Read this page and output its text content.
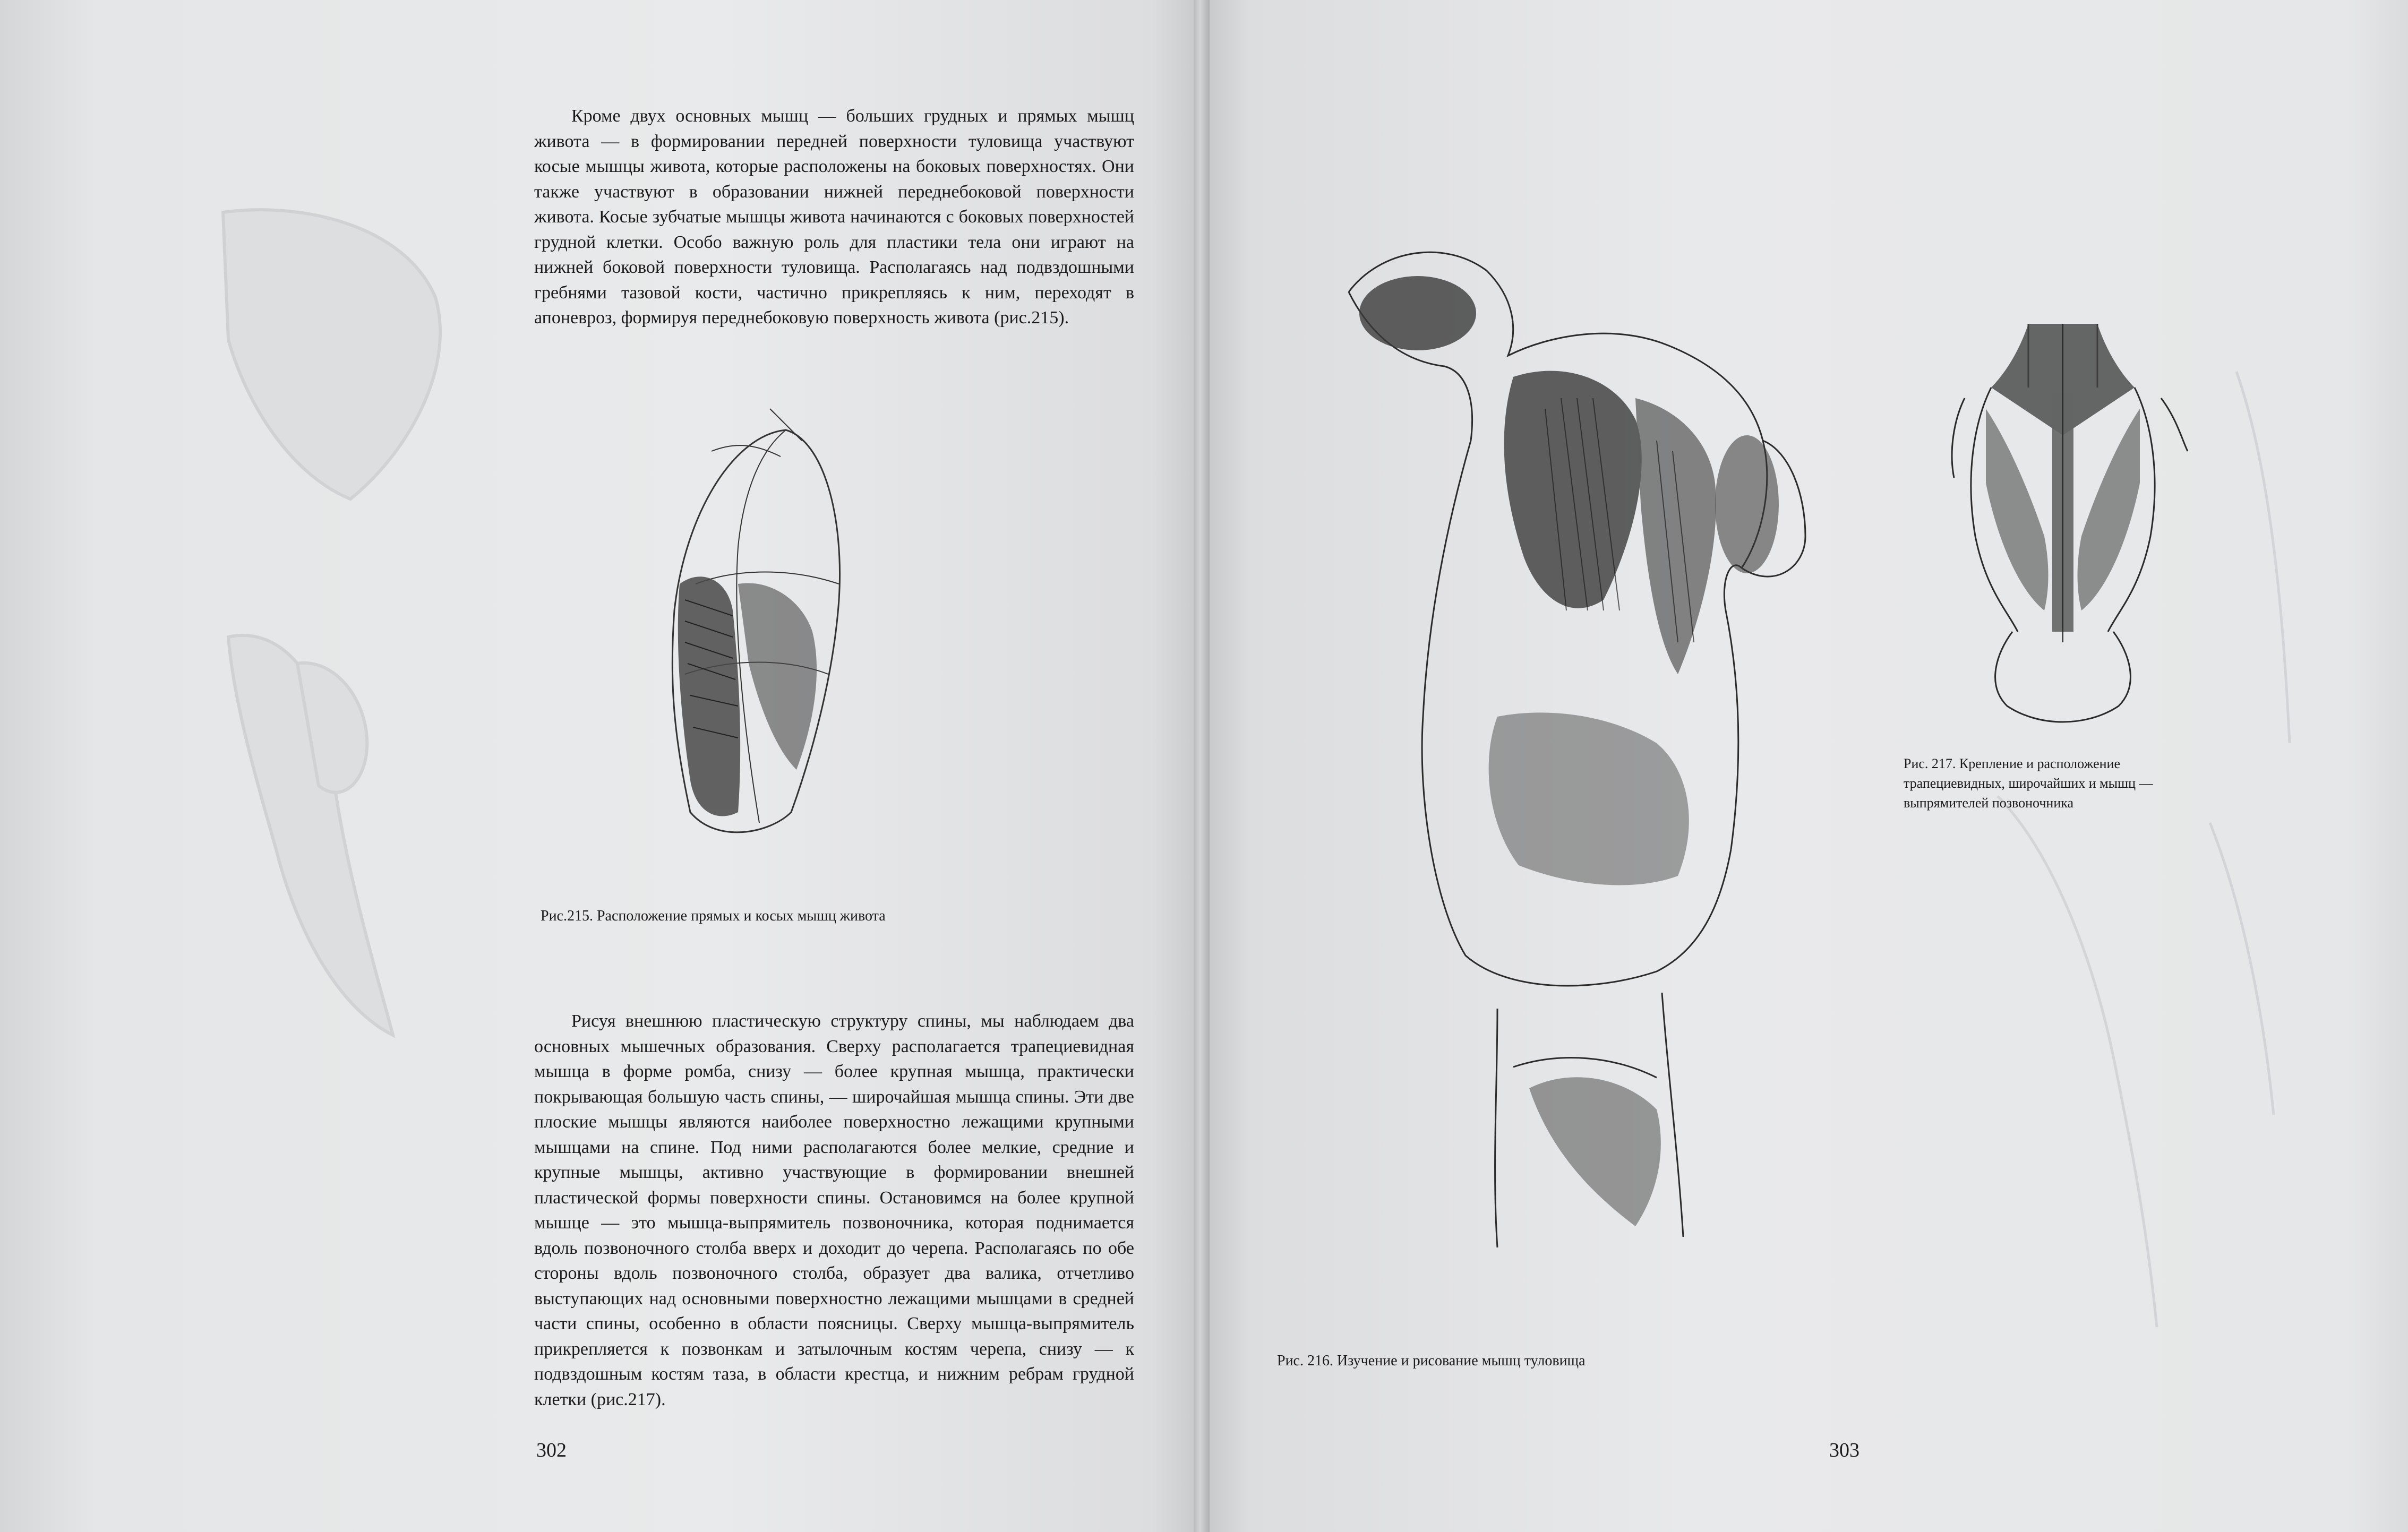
Кроме двух основных мышц — больших грудных и прямых мышц живота — в формировании передней поверхности туловища участвуют косые мышцы живота, которые расположены на боковых поверхностях. Они также участвуют в образовании нижней переднебоковой поверхности живота. Косые зубчатые мышцы живота начинаются с боковых поверхностей грудной клетки. Особо важную роль для пластики тела они играют на нижней боковой поверхности туловища. Располагаясь над подвздошными гребнями тазовой кости, частично прикрепляясь к ним, переходят в апоневроз, формируя переднебоковую поверхность живота (рис.215).

Рис.215. Расположение прямых и косых мышц живота

Рисуя внешнюю пластическую структуру спины, мы наблюдаем два основных мышечных образования. Сверху располагается трапециевидная мышца в форме ромба, снизу — более крупная мышца, практически покрывающая большую часть спины, — широчайшая мышца спины. Эти две плоские мышцы являются наиболее поверхностно лежащими крупными мышцами на спине. Под ними располагаются более мелкие, средние и крупные мышцы, активно участвующие в формировании внешней пластической формы поверхности спины. Остановимся на более крупной мышце — это мышца-выпрямитель позвоночника, которая поднимается вдоль позвоночного столба вверх и доходит до черепа. Располагаясь по обе стороны вдоль позвоночного столба, образует два валика, отчетливо выступающих над основными поверхностно лежащими мышцами в средней части спины, особенно в области поясницы. Сверху мышца-выпрямитель прикрепляется к позвонкам и затылочным костям черепа, снизу — к подвздошным костям таза, в области крестца, и нижним ребрам грудной клетки (рис.217).

302

Рис. 216. Изучение и рисование мышц туловища

Рис. 217. Крепление и расположение трапециевидных, широчайших и мышц — выпрямителей позвоночника

303
